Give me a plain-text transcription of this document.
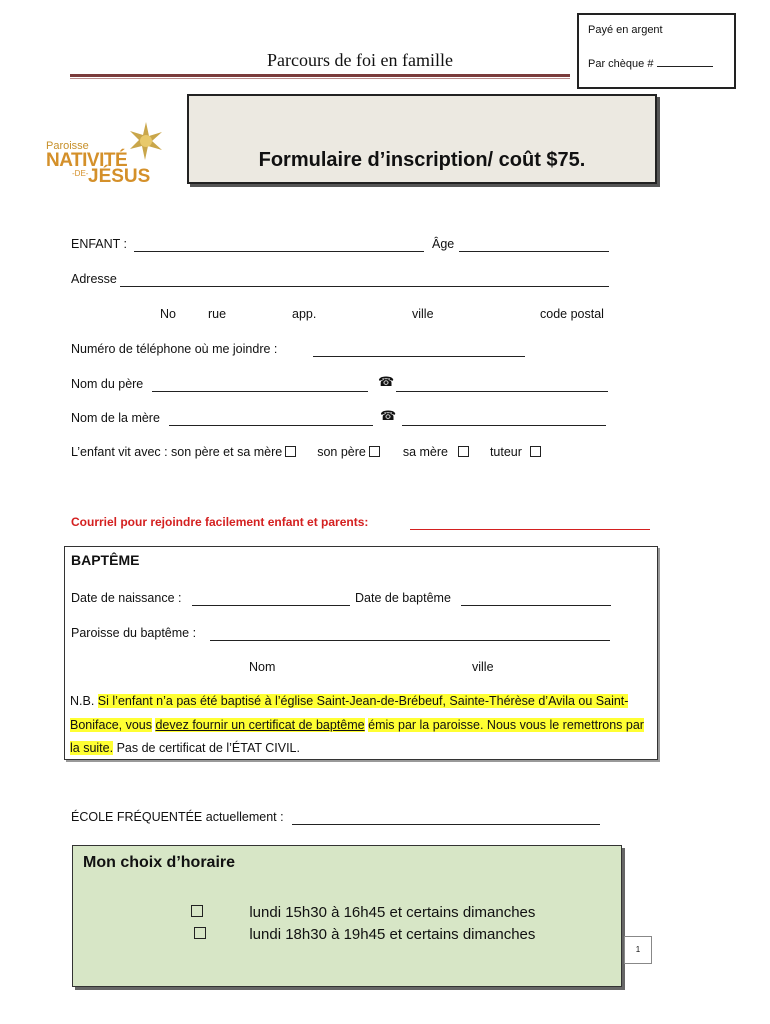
Payé en argent
Par chèque #
Parcours de foi en famille
Paroisse
NATIVITÉ
-DE- JÉSUS
Formulaire d’inscription/ coût $75.
ENFANT :	Âge
Adresse
No	rue	app.	ville	code postal
Numéro de téléphone où me joindre :
Nom du père	☎
Nom de la mère	☎
L’enfant vit avec : son père et sa mère	son père	sa mère	tuteur
Courriel pour rejoindre facilement enfant et parents:
BAPTÊME
Date de naissance :	Date de baptême
Paroisse du baptême :
Nom	ville
N.B. Si l’enfant n’a pas été baptisé à l’église Saint-Jean-de-Brébeuf, Sainte-Thérèse d’Avila ou Saint-Boniface, vous devez fournir un certificat de baptême émis par la paroisse. Nous vous le remettrons par la suite. Pas de certificat de l’ÉTAT CIVIL.
ÉCOLE FRÉQUENTÉE actuellement :
Mon choix d’horaire
lundi 15h30 à 16h45 et certains dimanches
lundi 18h30 à 19h45 et certains dimanches
1
